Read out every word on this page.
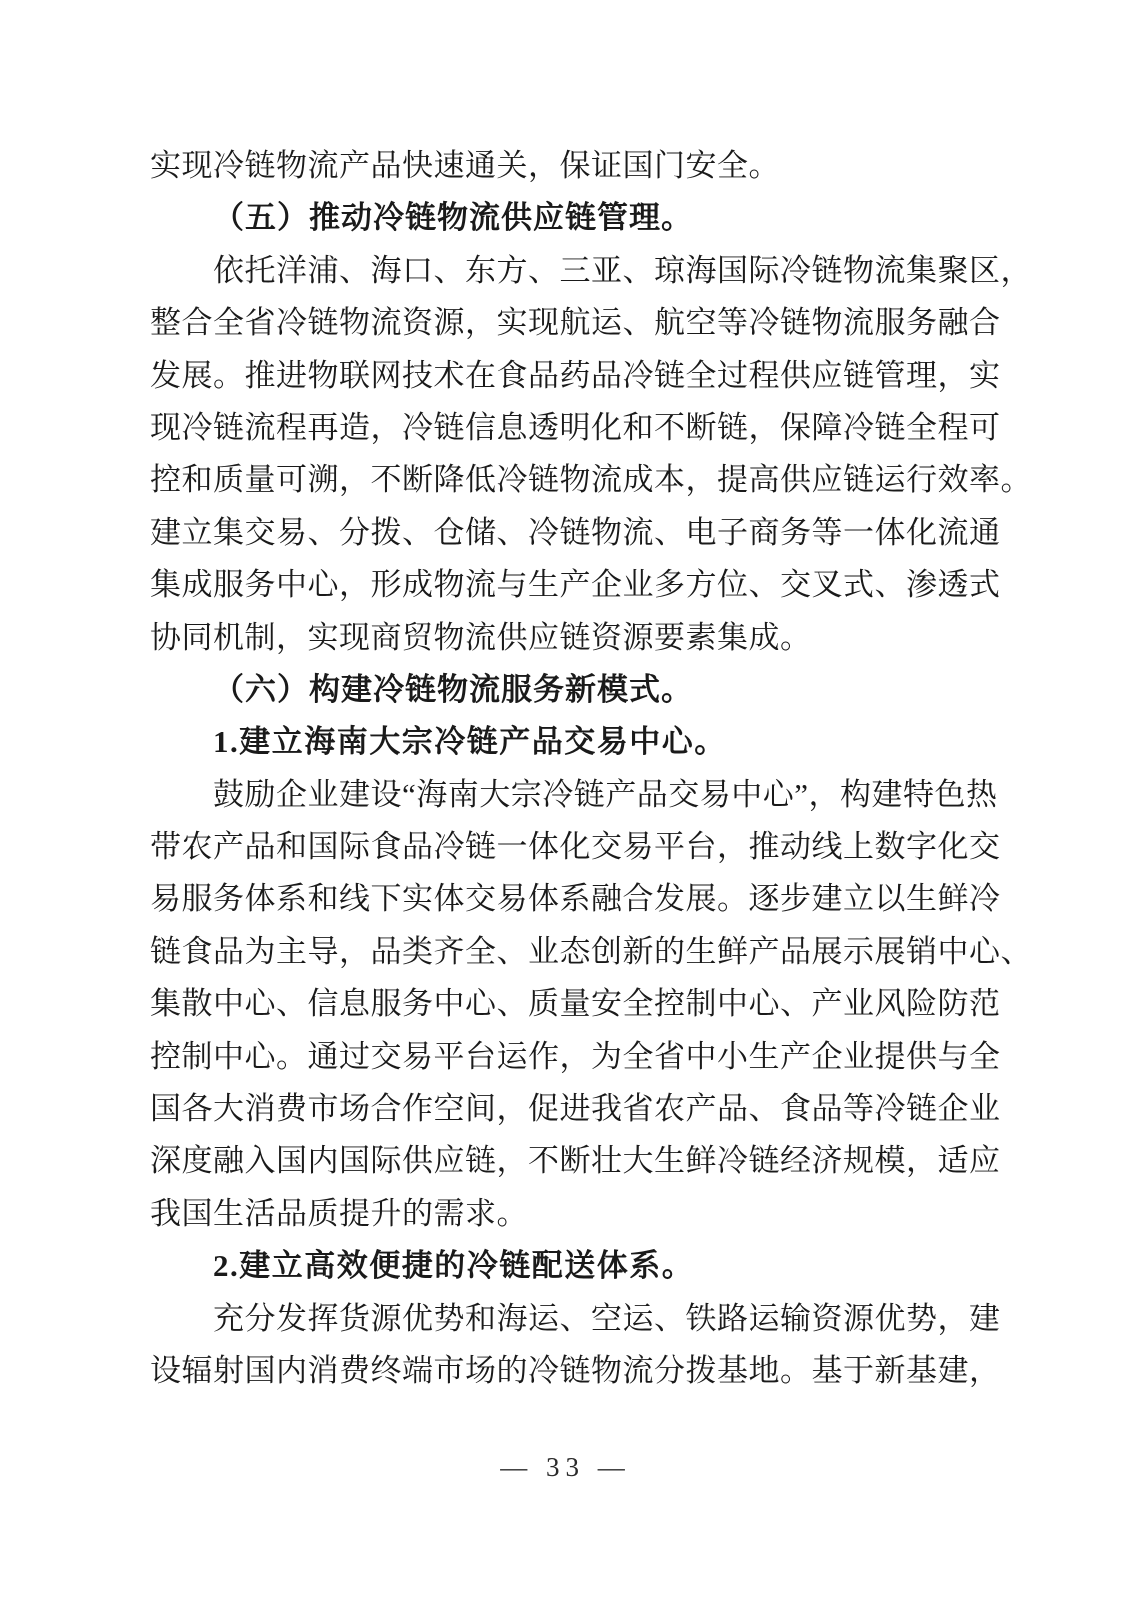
实现冷链物流产品快速通关，保证国门安全。
（五）推动冷链物流供应链管理。
依 托 洋 浦 、 海 口 、 东 方 、 三 亚 、 琼 海 国 际 冷 链 物 流 集 聚 区 ，
整 合 全 省 冷 链 物 流 资 源 ， 实 现 航 运 、 航 空 等 冷 链 物 流 服 务 融 合
发 展 。 推 进 物 联 网 技 术 在 食 品 药 品 冷 链 全 过 程 供 应 链 管 理 ， 实
现 冷 链 流 程 再 造 ， 冷 链 信 息 透 明 化 和 不 断 链 ， 保 障 冷 链 全 程 可
控 和 质 量 可 溯 ， 不 断 降 低 冷 链 物 流 成 本 ， 提 高 供 应 链 运 行 效 率 。
建 立 集 交 易 、 分 拨 、 仓 储 、 冷 链 物 流 、 电 子 商 务 等 一 体 化 流 通
集 成 服 务 中 心 ， 形 成 物 流 与 生 产 企 业 多 方 位 、 交 叉 式 、 渗 透 式
协同机制，实现商贸物流供应链资源要素集成。
（六）构建冷链物流服务新模式。
1.建立海南大宗冷链产品交易中心。
鼓 励 企 业 建 设 “ 海 南 大 宗 冷 链 产 品 交 易 中 心 ” ， 构 建 特 色 热
带 农 产 品 和 国 际 食 品 冷 链 一 体 化 交 易 平 台 ， 推 动 线 上 数 字 化 交
易 服 务 体 系 和 线 下 实 体 交 易 体 系 融 合 发 展 。 逐 步 建 立 以 生 鲜 冷
链 食 品 为 主 导 ， 品 类 齐 全 、 业 态 创 新 的 生 鲜 产 品 展 示 展 销 中 心 、
集 散 中 心 、 信 息 服 务 中 心 、 质 量 安 全 控 制 中 心 、 产 业 风 险 防 范
控 制 中 心 。 通 过 交 易 平 台 运 作 ， 为 全 省 中 小 生 产 企 业 提 供 与 全
国 各 大 消 费 市 场 合 作 空 间 ， 促 进 我 省 农 产 品 、 食 品 等 冷 链 企 业
深 度 融 入 国 内 国 际 供 应 链 ， 不 断 壮 大 生 鲜 冷 链 经 济 规 模 ， 适 应
我国生活品质提升的需求。
2.建立高效便捷的冷链配送体系。
充 分 发 挥 货 源 优 势 和 海 运 、 空 运 、 铁 路 运 输 资 源 优 势 ， 建
设 辐 射 国 内 消 费 终 端 市 场 的 冷 链 物 流 分 拨 基 地 。 基 于 新 基 建 ，
— 33 —
